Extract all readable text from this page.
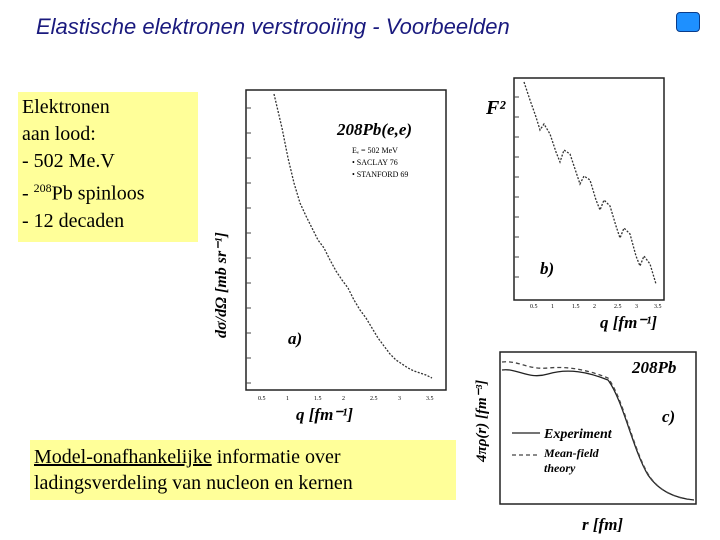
Elastische elektronen verstrooiïng - Voorbeelden
Elektronen
aan lood:
- 502 Me.V
- $^{208}$Pb spinloos
- 12 decaden
Model-onafhankelijke informatie over ladingsverdeling van nucleon en kernen
208Pb(e,e)
Eₑ = 502 MeV
• SACLAY 76
• STANFORD 69
a)
0.5	1	1.5	2	2.5	3	3.5
q [fm⁻¹]
dσ/dΩ [mb sr⁻¹]
F²
b)
0.5 1	1.5 2	2.5 3	3.5
q [fm⁻¹]
208Pb
c)
Experiment
Mean-field
theory
r [fm]
4πρ(r) [fm⁻³]
